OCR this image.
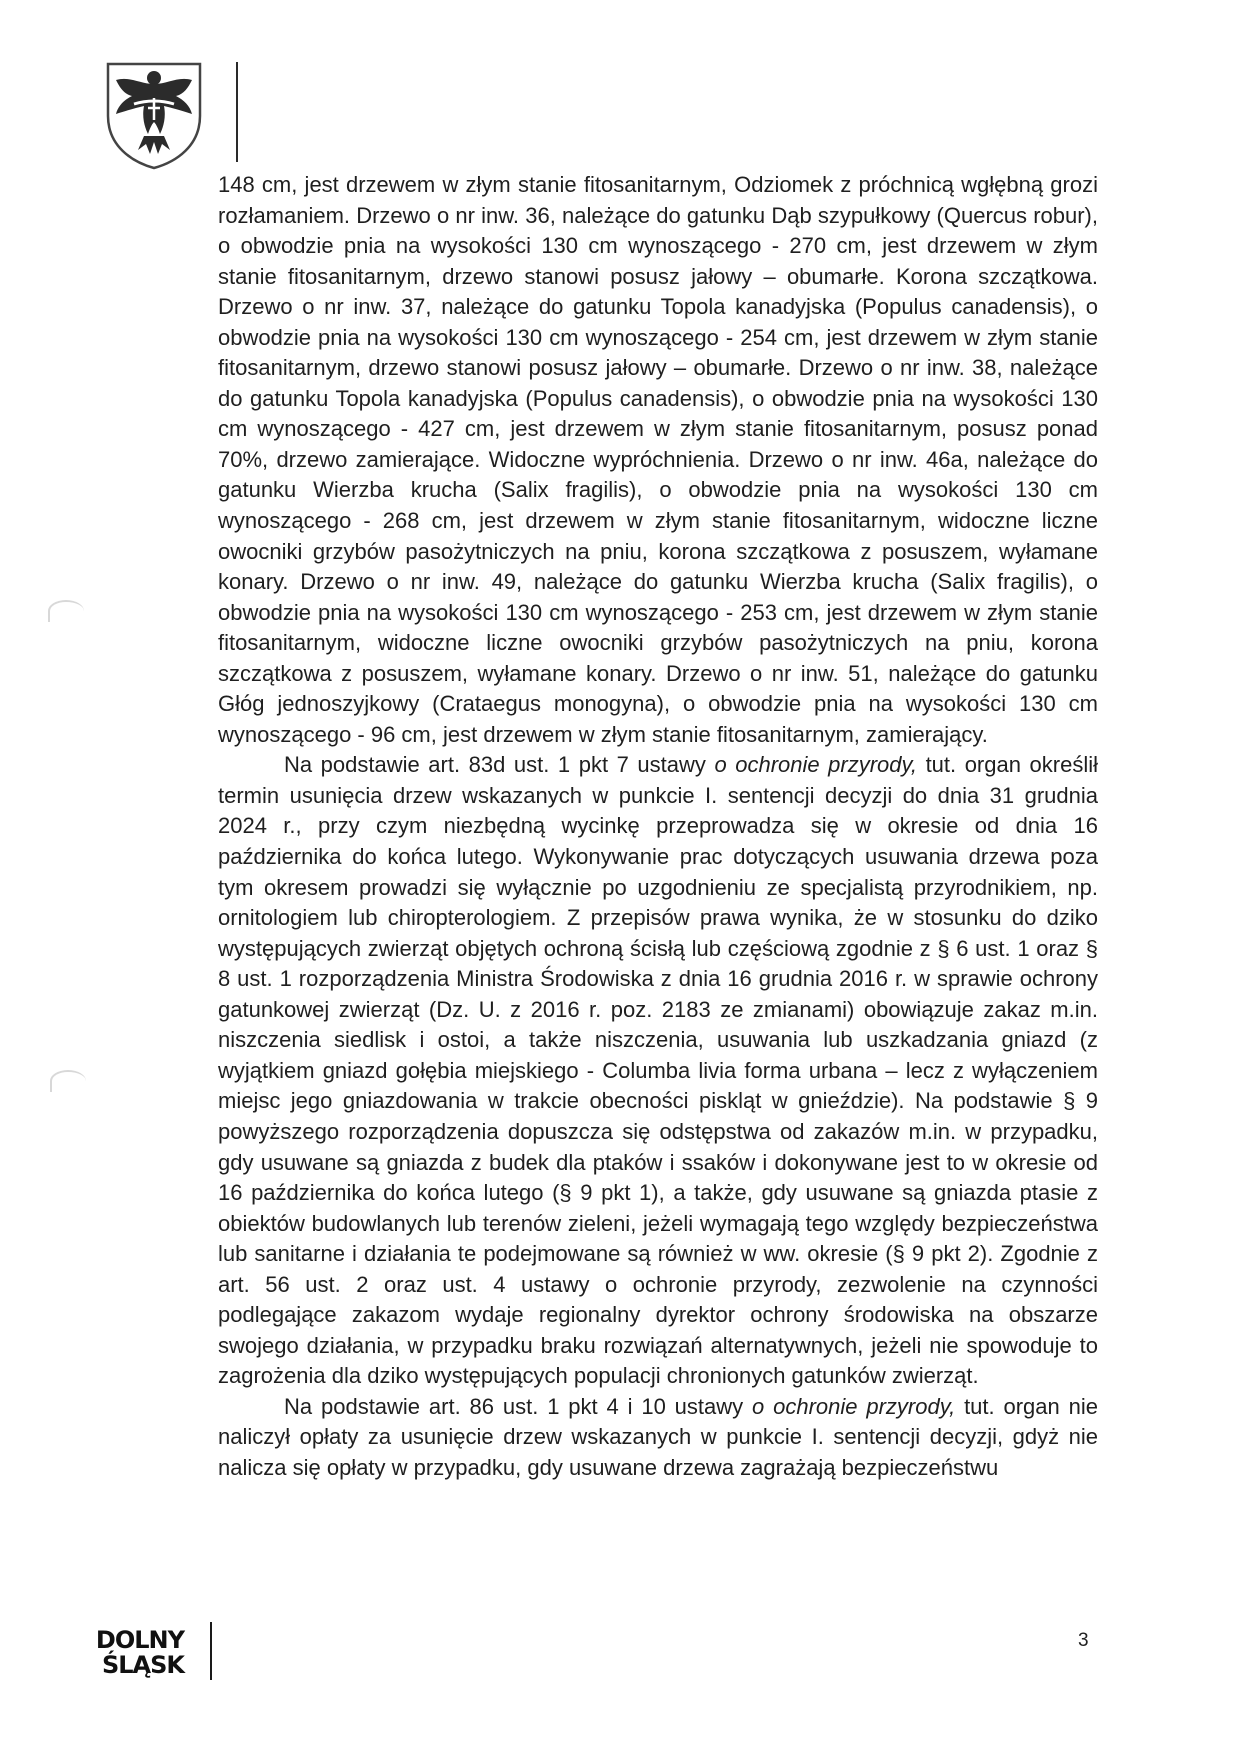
148 cm, jest drzewem w złym stanie fitosanitarnym, Odziomek z próchnicą wgłębną grozi rozłamaniem. Drzewo o nr inw. 36, należące do gatunku Dąb szypułkowy (Quercus robur), o obwodzie pnia na wysokości 130 cm wynoszącego - 270 cm, jest drzewem w złym stanie fitosanitarnym, drzewo stanowi posusz jałowy – obumarłe. Korona szczątkowa. Drzewo o nr inw. 37, należące do gatunku Topola kanadyjska (Populus canadensis), o obwodzie pnia na wysokości 130 cm wynoszącego - 254 cm, jest drzewem w złym stanie fitosanitarnym, drzewo stanowi posusz jałowy – obumarłe. Drzewo o nr inw. 38, należące do gatunku Topola kanadyjska (Populus canadensis), o obwodzie pnia na wysokości 130 cm wynoszącego - 427 cm, jest drzewem w złym stanie fitosanitarnym, posusz ponad 70%, drzewo zamierające. Widoczne wypróchnienia. Drzewo o nr inw. 46a, należące do gatunku Wierzba krucha (Salix fragilis), o obwodzie pnia na wysokości 130 cm wynoszącego - 268 cm, jest drzewem w złym stanie fitosanitarnym, widoczne liczne owocniki grzybów pasożytniczych na pniu, korona szczątkowa z posuszem, wyłamane konary. Drzewo o nr inw. 49, należące do gatunku Wierzba krucha (Salix fragilis), o obwodzie pnia na wysokości 130 cm wynoszącego - 253 cm, jest drzewem w złym stanie fitosanitarnym, widoczne liczne owocniki grzybów pasożytniczych na pniu, korona szczątkowa z posuszem, wyłamane konary. Drzewo o nr inw. 51, należące do gatunku Głóg jednoszyjkowy (Crataegus monogyna), o obwodzie pnia na wysokości 130 cm wynoszącego - 96 cm, jest drzewem w złym stanie fitosanitarnym, zamierający.

Na podstawie art. 83d ust. 1 pkt 7 ustawy o ochronie przyrody, tut. organ określił termin usunięcia drzew wskazanych w punkcie I. sentencji decyzji do dnia 31 grudnia 2024 r., przy czym niezbędną wycinkę przeprowadza się w okresie od dnia 16 października do końca lutego. Wykonywanie prac dotyczących usuwania drzewa poza tym okresem prowadzi się wyłącznie po uzgodnieniu ze specjalistą przyrodnikiem, np. ornitologiem lub chiropterologiem. Z przepisów prawa wynika, że w stosunku do dziko występujących zwierząt objętych ochroną ścisłą lub częściową zgodnie z § 6 ust. 1 oraz § 8 ust. 1 rozporządzenia Ministra Środowiska z dnia 16 grudnia 2016 r. w sprawie ochrony gatunkowej zwierząt (Dz. U. z 2016 r. poz. 2183 ze zmianami) obowiązuje zakaz m.in. niszczenia siedlisk i ostoi, a także niszczenia, usuwania lub uszkadzania gniazd (z wyjątkiem gniazd gołębia miejskiego - Columba livia forma urbana – lecz z wyłączeniem miejsc jego gniazdowania w trakcie obecności piskląt w gnieździe). Na podstawie § 9 powyższego rozporządzenia dopuszcza się odstępstwa od zakazów m.in. w przypadku, gdy usuwane są gniazda z budek dla ptaków i ssaków i dokonywane jest to w okresie od 16 października do końca lutego (§ 9 pkt 1), a także, gdy usuwane są gniazda ptasie z obiektów budowlanych lub terenów zieleni, jeżeli wymagają tego względy bezpieczeństwa lub sanitarne i działania te podejmowane są również w ww. okresie (§ 9 pkt 2). Zgodnie z art. 56 ust. 2 oraz ust. 4 ustawy o ochronie przyrody, zezwolenie na czynności podlegające zakazom wydaje regionalny dyrektor ochrony środowiska na obszarze swojego działania, w przypadku braku rozwiązań alternatywnych, jeżeli nie spowoduje to zagrożenia dla dziko występujących populacji chronionych gatunków zwierząt.

Na podstawie art. 86 ust. 1 pkt 4 i 10 ustawy o ochronie przyrody, tut. organ nie naliczył opłaty za usunięcie drzew wskazanych w punkcie I. sentencji decyzji, gdyż nie nalicza się opłaty w przypadku, gdy usuwane drzewa zagrażają bezpieczeństwu

DOLNY
ŚLĄSK
3
